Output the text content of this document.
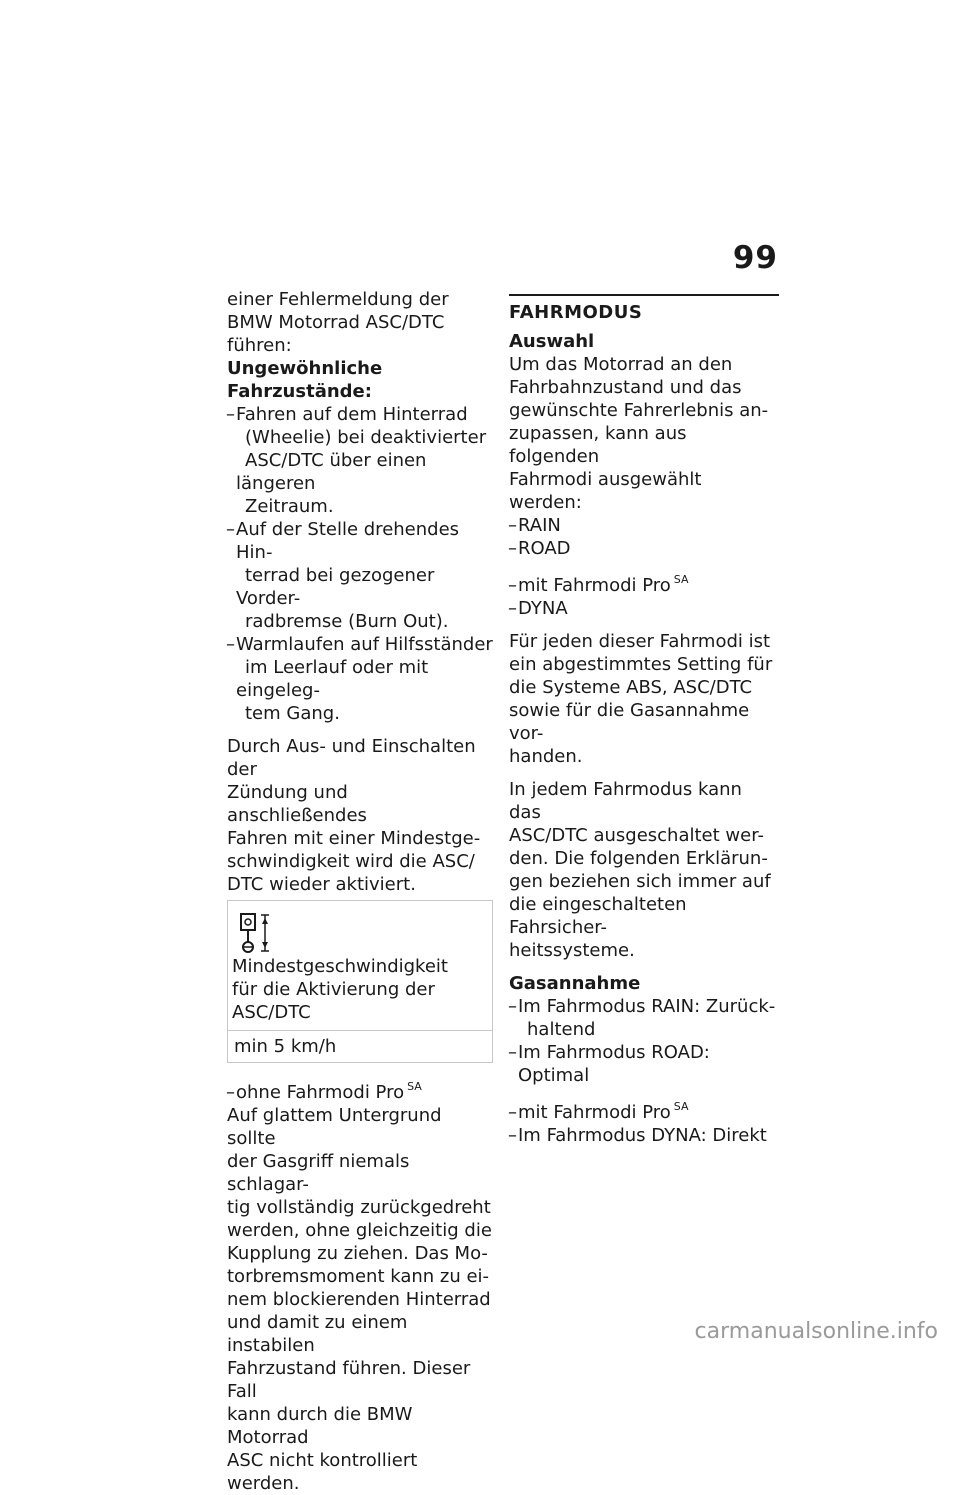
99

einer Fehlermeldung der
BMW Motorrad ASC/DTC
führen:

Ungewöhnliche Fahrzustände:

– Fahren auf dem Hinterrad
(Wheelie) bei deaktivierter
ASC/DTC über einen längeren
Zeitraum.
– Auf der Stelle drehendes Hin-
terrad bei gezogener Vorder-
radbremse (Burn Out).
– Warmlaufen auf Hilfsständer
im Leerlauf oder mit eingeleg-
tem Gang.

Durch Aus- und Einschalten der
Zündung und anschließendes
Fahren mit einer Mindestge-
schwindigkeit wird die ASC/
DTC wieder aktiviert.

Mindestgeschwindigkeit
für die Aktivierung der
ASC/DTC
min 5 km/h
– ohne Fahrmodi Pro $^{SA}$

Auf glattem Untergrund sollte
der Gasgriff niemals schlagar-
tig vollständig zurückgedreht
werden, ohne gleichzeitig die
Kupplung zu ziehen. Das Mo-
torbremsmoment kann zu ei-
nem blockierenden Hinterrad
und damit zu einem instabilen
Fahrzustand führen. Dieser Fall
kann durch die BMW Motorrad
ASC nicht kontrolliert werden.

FAHRMODUS

Auswahl

Um das Motorrad an den
Fahrbahnzustand und das
gewünschte Fahrerlebnis an-
zupassen, kann aus folgenden
Fahrmodi ausgewählt werden:

– RAIN
– ROAD
– mit Fahrmodi Pro $^{SA}$
– DYNA

Für jeden dieser Fahrmodi ist
ein abgestimmtes Setting für
die Systeme ABS, ASC/DTC
sowie für die Gasannahme vor-
handen.

In jedem Fahrmodus kann das
ASC/DTC ausgeschaltet wer-
den. Die folgenden Erklärun-
gen beziehen sich immer auf
die eingeschalteten Fahrsicher-
heitssysteme.

Gasannahme

– Im Fahrmodus RAIN: Zurück-
haltend
– Im Fahrmodus ROAD: Optimal
– mit Fahrmodi Pro $^{SA}$
– Im Fahrmodus DYNA: Direkt
carmanualsonline.info
